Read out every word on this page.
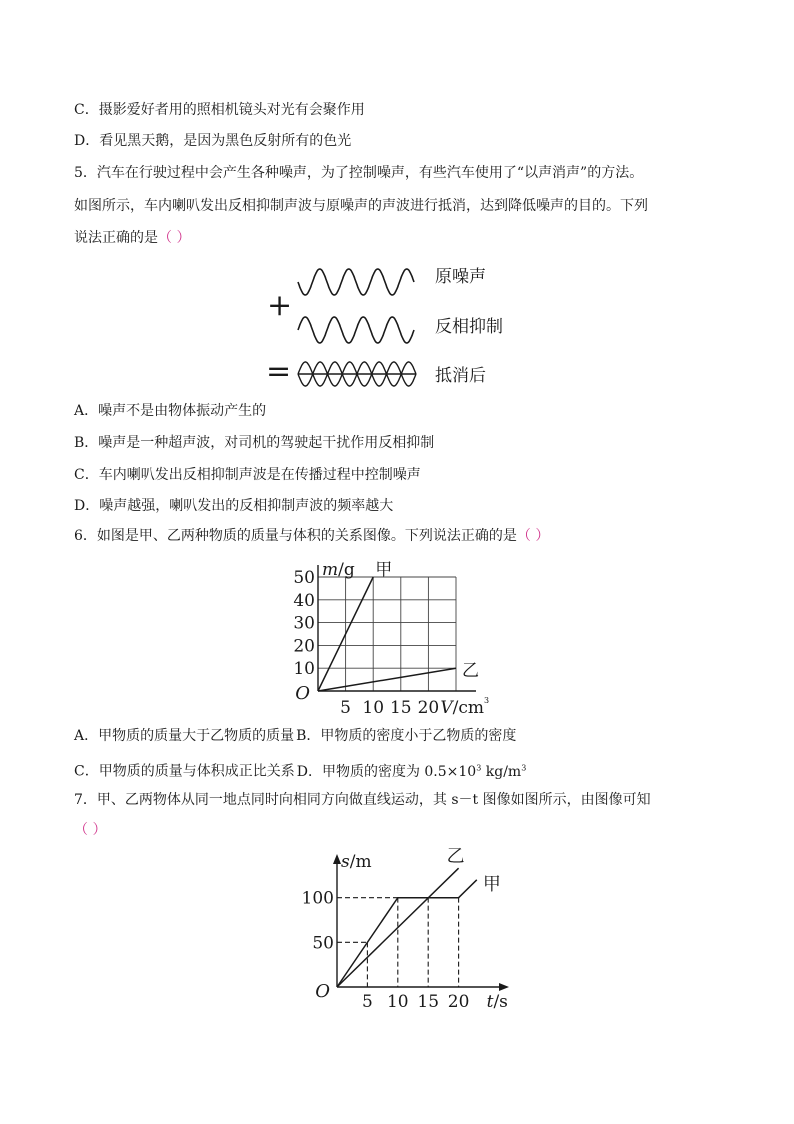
C．摄影爱好者用的照相机镜头对光有会聚作用
D．看见黑天鹅，是因为黑色反射所有的色光
5．汽车在行驶过程中会产生各种噪声，为了控制噪声，有些汽车使用了“以声消声”的方法。
如图所示，车内喇叭发出反相抑制声波与原噪声的声波进行抵消，达到降低噪声的目的。下列
说法正确的是（ ）
+
=
原噪声
反相抑制
抵消后
A．噪声不是由物体振动产生的
B．噪声是一种超声波，对司机的驾驶起干扰作用反相抑制
C．车内喇叭发出反相抑制声波是在传播过程中控制噪声
D．噪声越强，喇叭发出的反相抑制声波的频率越大
6．如图是甲、乙两种物质的质量与体积的关系图像。下列说法正确的是（ ）
10
20
30
40
50
5 10 15 20
O
m/g
$V/cm^3$
甲
乙
A．甲物质的质量大于乙物质的质量 B．甲物质的密度小于乙物质的密度
C．甲物质的质量与体积成正比关系 D．甲物质的密度为 $0.5\times 10^3$ $kg/m^3$
7．甲、乙两物体从同一地点同时向相同方向做直线运动，其 s－t 图像如图所示，由图像可知
（ ）
50
100
5 10 15 20
O
s/m
t/s
甲
乙
